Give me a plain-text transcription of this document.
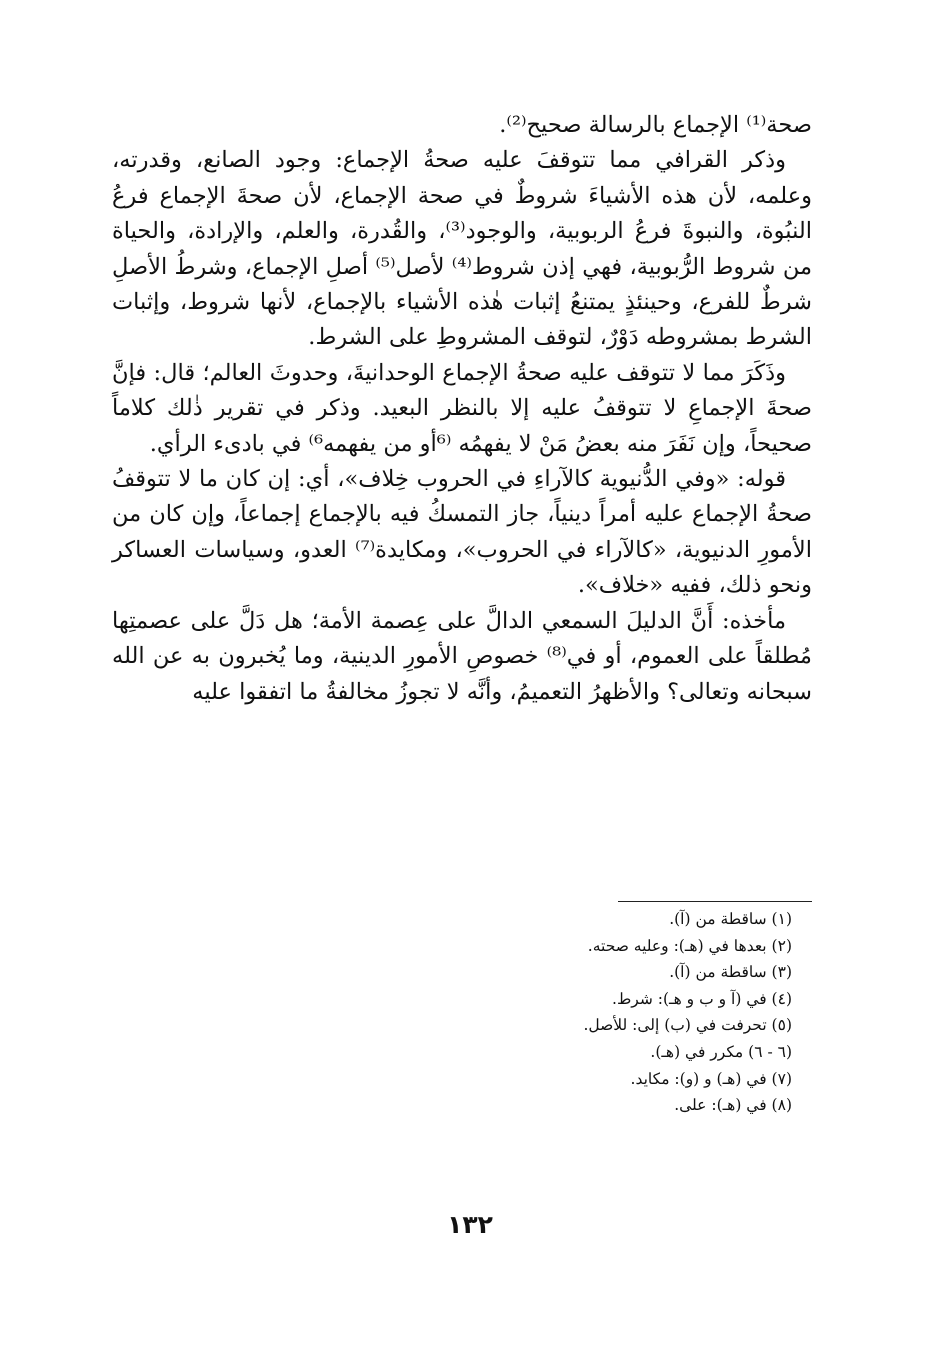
صحة⁽¹⁾ الإجماع بالرسالة صحيح⁽²⁾.

وذكر القرافي مما تتوقفَ عليه صحةُ الإجماع: وجود الصانع، وقدرته، وعلمه، لأن هذه الأشياءَ شروطٌ في صحة الإجماع، لأن صحةَ الإجماع فرعُ النبُوة، والنبوةَ فرعُ الربوبية، والوجود⁽³⁾، والقُدرة، والعلم، والإرادة، والحياة من شروط الرُّبوبية، فهي إذن شروط⁽⁴⁾ لأصل⁽⁵⁾ أصلِ الإجماع، وشرطُ الأصلِ شرطٌ للفرع، وحينئذٍ يمتنعُ إثبات هٰذه الأشياء بالإجماع، لأنها شروط، وإثبات الشرط بمشروطه دَوْرٌ، لتوقف المشروطِ على الشرط.

وذَكَرَ مما لا تتوقف عليه صحةُ الإجماع الوحدانيةَ، وحدوثَ العالم؛ قال: فإنَّ صحةَ الإجماعِ لا تتوقفُ عليه إلا بالنظر البعيد. وذكر في تقرير ذٰلك كلاماً صحيحاً، وإن نَفَرَ منه بعضُ مَنْ لا يفهمُه ⁽⁶أو من يفهمه⁶⁾ في بادىء الرأي.

قوله: «وفي الدُّنيوية كالآراءِ في الحروب خِلاف»، أي: إن كان ما لا تتوقفُ صحةُ الإجماع عليه أمراً دينياً، جاز التمسكُ فيه بالإجماع إجماعاً، وإن كان من الأمورِ الدنيوية، «كالآراء في الحروب»، ومكايدة⁽⁷⁾ العدو، وسياسات العساكر ونحو ذلك، ففيه «خلاف».

مأخذه: أَنَّ الدليلَ السمعي الدالَّ على عِصمة الأمة؛ هل دَلَّ على عصمتِها مُطلقاً على العموم، أو في⁽⁸⁾ خصوصِ الأمورِ الدينية، وما يُخبرون به عن الله سبحانه وتعالى؟ والأظهرُ التعميمُ، وأنَّه لا تجوزُ مخالفةُ ما اتفقوا عليه

(١) ساقطة من (آ).
(٢) بعدها في (هـ): وعليه صحته.
(٣) ساقطة من (آ).
(٤) في (آ و ب و هـ): شرط.
(٥) تحرفت في (ب) إلى: للأصل.
(٦ - ٦) مكرر في (هـ).
(٧) في (هـ) و (و): مكايد.
(٨) في (هـ): على.
١٣٢
